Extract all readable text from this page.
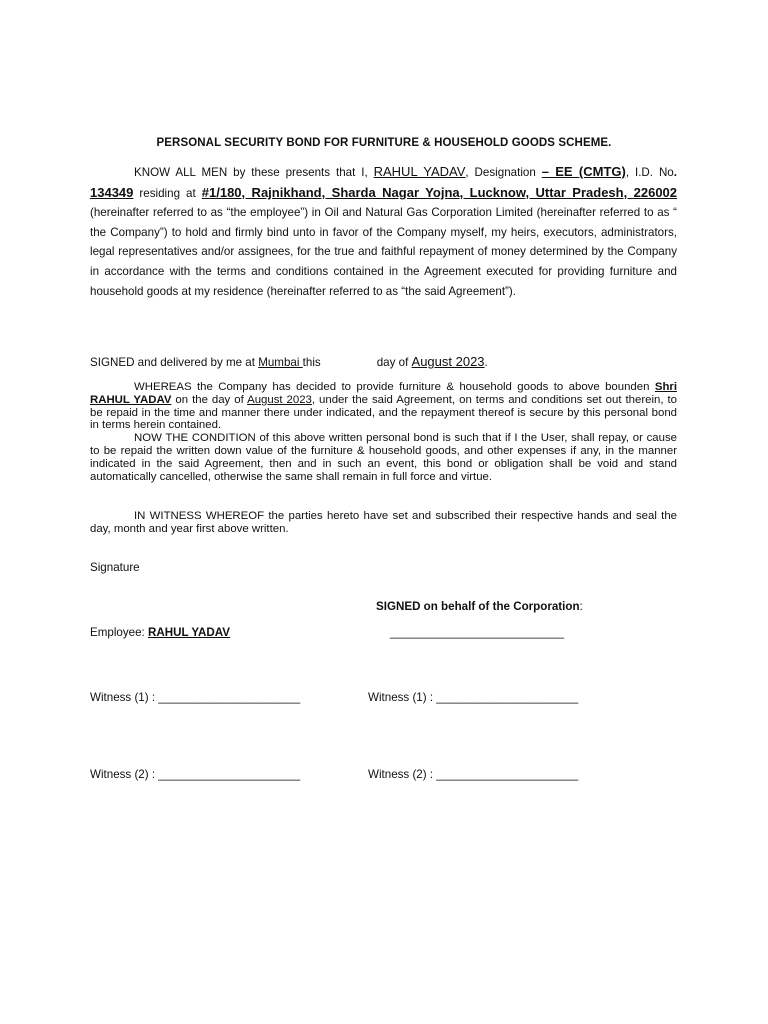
PERSONAL SECURITY BOND FOR FURNITURE & HOUSEHOLD GOODS SCHEME.
KNOW ALL MEN by these presents that I, RAHUL YADAV, Designation – EE (CMTG), I.D. No. 134349 residing at #1/180, Rajnikhand, Sharda Nagar Yojna, Lucknow, Uttar Pradesh, 226002 (hereinafter referred to as “the employee”) in Oil and Natural Gas Corporation Limited (hereinafter referred to as “ the Company”) to hold and firmly bind unto in favor of the Company myself, my heirs, executors, administrators, legal representatives and/or assignees, for the true and faithful repayment of money determined by the Company in accordance with the terms and conditions contained in the Agreement executed for providing furniture and household goods at my residence (hereinafter referred to as “the said Agreement”).
SIGNED and delivered by me at Mumbai this	day of August 2023.

WHEREAS the Company has decided to provide furniture & household goods to above bounden Shri RAHUL YADAV on the day of August 2023, under the said Agreement, on terms and conditions set out therein, to be repaid in the time and manner there under indicated, and the repayment thereof is secure by this personal bond in terms herein contained.

NOW THE CONDITION of this above written personal bond is such that if I the User, shall repay, or cause to be repaid the written down value of the furniture & household goods, and other expenses if any, in the manner indicated in the said Agreement, then and in such an event, this bond or obligation shall be void and stand automatically cancelled, otherwise the same shall remain in full force and virtue.

IN WITNESS WHEREOF the parties hereto have set and subscribed their respective hands and seal the day, month and year first above written.

Signature
SIGNED on behalf of the Corporation:
Employee: RAHUL YADAV	___________________________
Witness (1) : ______________________	Witness (1) : ______________________
Witness (2) : ______________________	Witness (2) : ______________________
